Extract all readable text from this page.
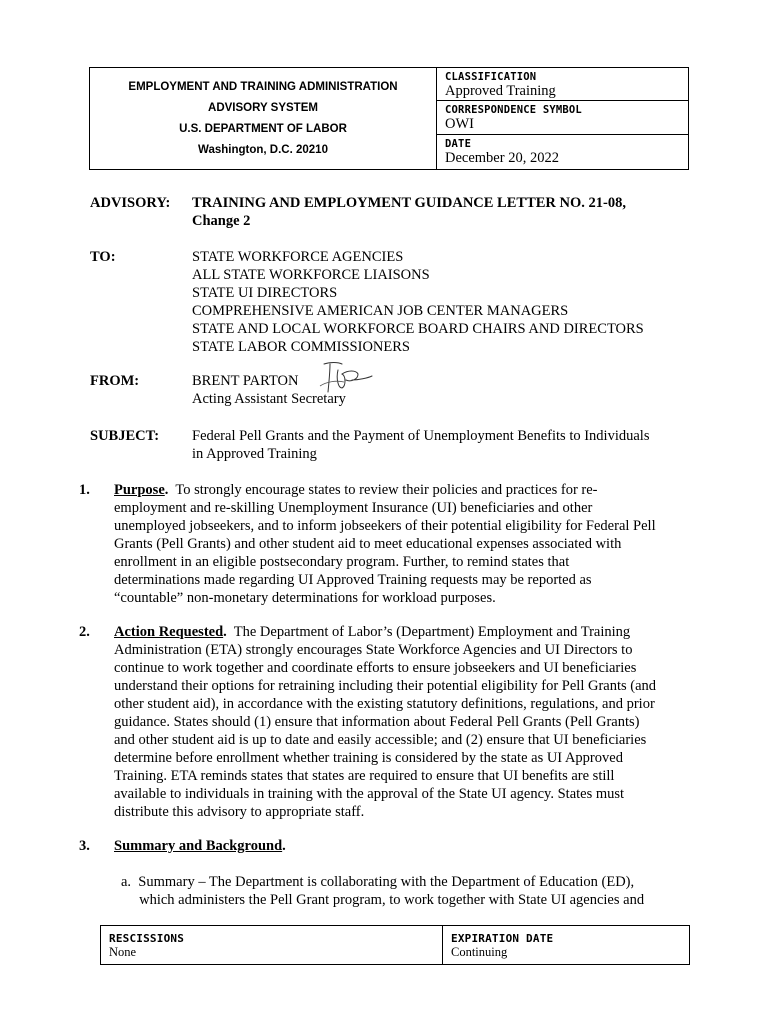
EMPLOYMENT AND TRAINING ADMINISTRATION
ADVISORY SYSTEM
U.S. DEPARTMENT OF LABOR
Washington, D.C. 20210
CLASSIFICATION
Approved Training
CORRESPONDENCE SYMBOL
OWI
DATE
December 20, 2022
ADVISORY: TRAINING AND EMPLOYMENT GUIDANCE LETTER NO. 21-08,
Change 2
TO:	STATE WORKFORCE AGENCIES
ALL STATE WORKFORCE LIAISONS
STATE UI DIRECTORS
COMPREHENSIVE AMERICAN JOB CENTER MANAGERS
STATE AND LOCAL WORKFORCE BOARD CHAIRS AND DIRECTORS
STATE LABOR COMMISSIONERS
FROM:	BRENT PARTON
Acting Assistant Secretary
SUBJECT: Federal Pell Grants and the Payment of Unemployment Benefits to Individuals
in Approved Training
1. Purpose.  To strongly encourage states to review their policies and practices for re-
employment and re-skilling Unemployment Insurance (UI) beneficiaries and other
unemployed jobseekers, and to inform jobseekers of their potential eligibility for Federal Pell
Grants (Pell Grants) and other student aid to meet educational expenses associated with
enrollment in an eligible postsecondary program. Further, to remind states that
determinations made regarding UI Approved Training requests may be reported as
“countable” non-monetary determinations for workload purposes.
2. Action Requested.  The Department of Labor’s (Department) Employment and Training
Administration (ETA) strongly encourages State Workforce Agencies and UI Directors to
continue to work together and coordinate efforts to ensure jobseekers and UI beneficiaries
understand their options for retraining including their potential eligibility for Pell Grants (and
other student aid), in accordance with the existing statutory definitions, regulations, and prior
guidance. States should (1) ensure that information about Federal Pell Grants (Pell Grants)
and other student aid is up to date and easily accessible; and (2) ensure that UI beneficiaries
determine before enrollment whether training is considered by the state as UI Approved
Training. ETA reminds states that states are required to ensure that UI benefits are still
available to individuals in training with the approval of the State UI agency. States must
distribute this advisory to appropriate staff.
3. Summary and Background.
a.  Summary – The Department is collaborating with the Department of Education (ED),
which administers the Pell Grant program, to work together with State UI agencies and
RESCISSIONS
None
EXPIRATION DATE
Continuing
